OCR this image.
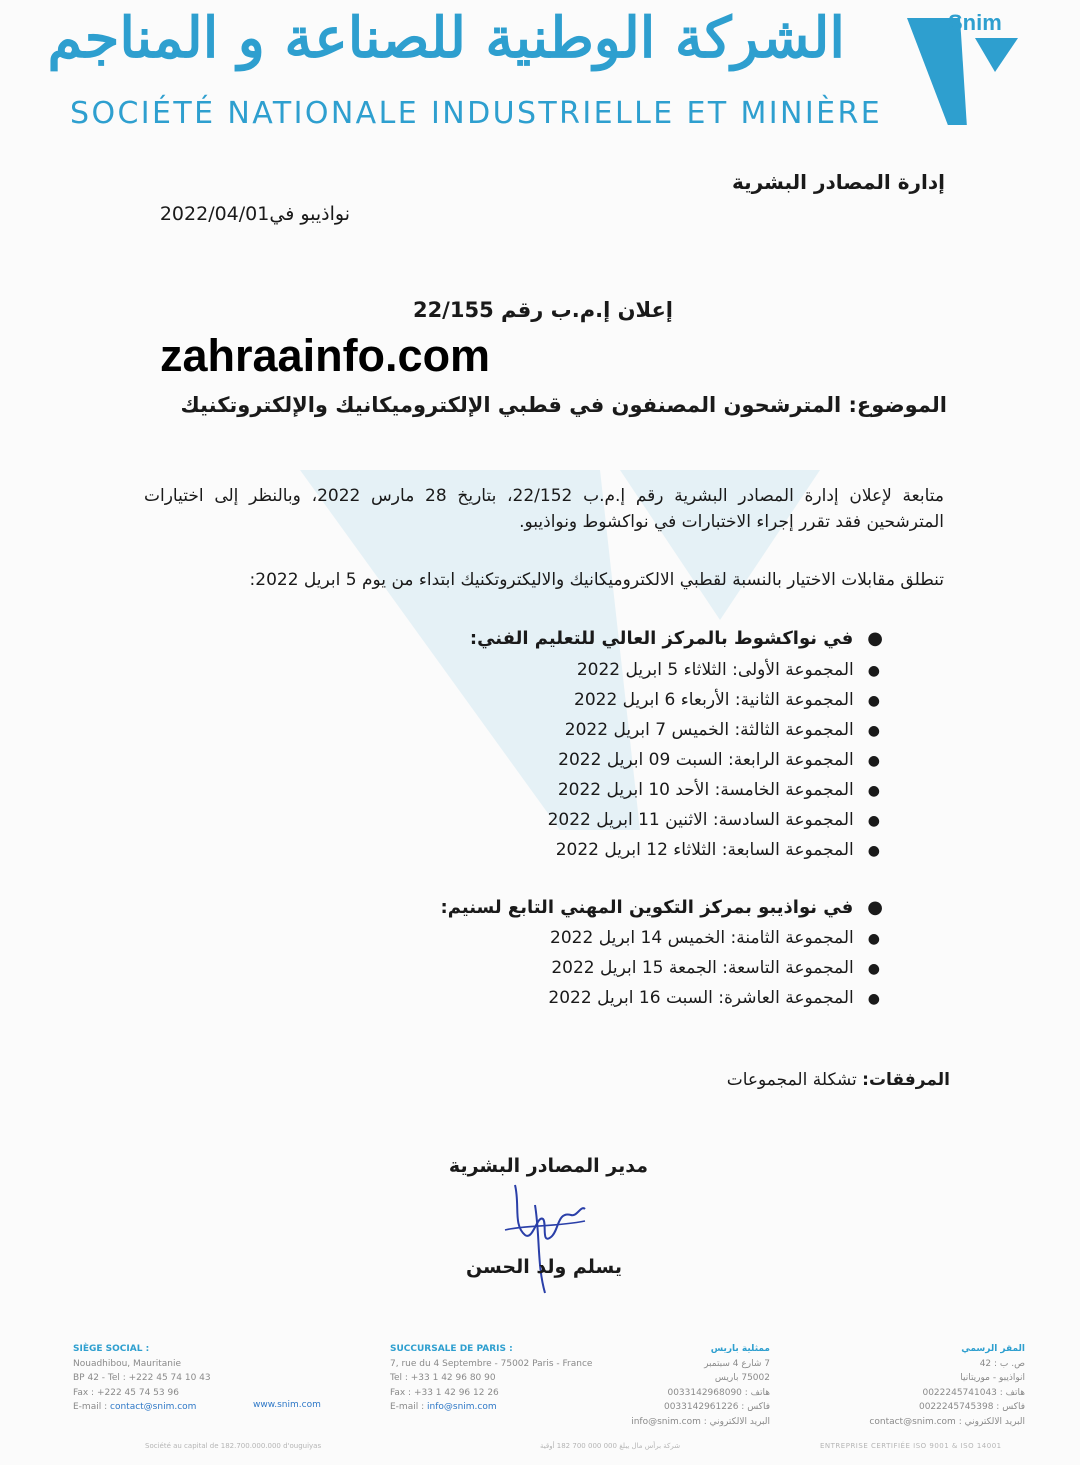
الشركة الوطنية للصناعة و المناجم
SOCIÉTÉ NATIONALE INDUSTRIELLE ET MINIÈRE
Snim
إدارة المصادر البشرية
نواذيبو في2022/04/01
إعلان إ.م.ب رقم 22/155
zahraainfo.com
الموضوع: المترشحون المصنفون في قطبي الإلكتروميكانيك والإلكتروتكنيك
متابعة لإعلان إدارة المصادر البشرية رقم إ.م.ب 22/152، بتاريخ 28 مارس 2022، وبالنظر إلى اختيارات المترشحين فقد تقرر إجراء الاختبارات في نواكشوط ونواذيبو.
تنطلق مقابلات الاختيار بالنسبة لقطبي الالكتروميكانيك والاليكتروتكنيك ابتداء من يوم 5 ابريل 2022:
●في نواكشوط بالمركز العالي للتعليم الفني:
●المجموعة الأولى: الثلاثاء 5 ابريل 2022
●المجموعة الثانية: الأربعاء 6 ابريل 2022
●المجموعة الثالثة: الخميس 7 ابريل 2022
●المجموعة الرابعة: السبت 09 ابريل 2022
●المجموعة الخامسة: الأحد 10 ابريل 2022
●المجموعة السادسة: الاثنين 11 ابريل 2022
●المجموعة السابعة: الثلاثاء 12 ابريل 2022
●في نواذيبو بمركز التكوين المهني التابع لسنيم:
●المجموعة الثامنة: الخميس 14 ابريل 2022
●المجموعة التاسعة: الجمعة 15 ابريل 2022
●المجموعة العاشرة: السبت 16 ابريل 2022
المرفقات: تشكلة المجموعات
مدير المصادر البشرية
يسلم ولد الحسن
SIÈGE SOCIAL :
Nouadhibou, Mauritanie
BP 42 - Tel : +222 45 74 10 43
Fax : +222 45 74 53 96
E-mail : contact@snim.com	www.snim.com
SUCCURSALE DE PARIS :
7, rue du 4 Septembre - 75002 Paris - France
Tel : +33 1 42 96 80 90
Fax : +33 1 42 96 12 26
E-mail : info@snim.com
ممثلية باريس
7 شارع 4 سبتمبر
75002 باريس
هاتف : 0033142968090
فاكس : 0033142961226
البريد الالكتروني : info@snim.com
المقر الرسمي
ص. ب : 42
انواذيبو - موريتانيا
هاتف : 0022245741043
فاكس : 0022245745398
البريد الالكتروني : contact@snim.com
Société au capital de 182.700.000.000 d'ouguiyas	شركة برأس مال يبلغ 000 000 700 182 أوقية	ENTREPRISE CERTIFIÉE ISO 9001 & ISO 14001
